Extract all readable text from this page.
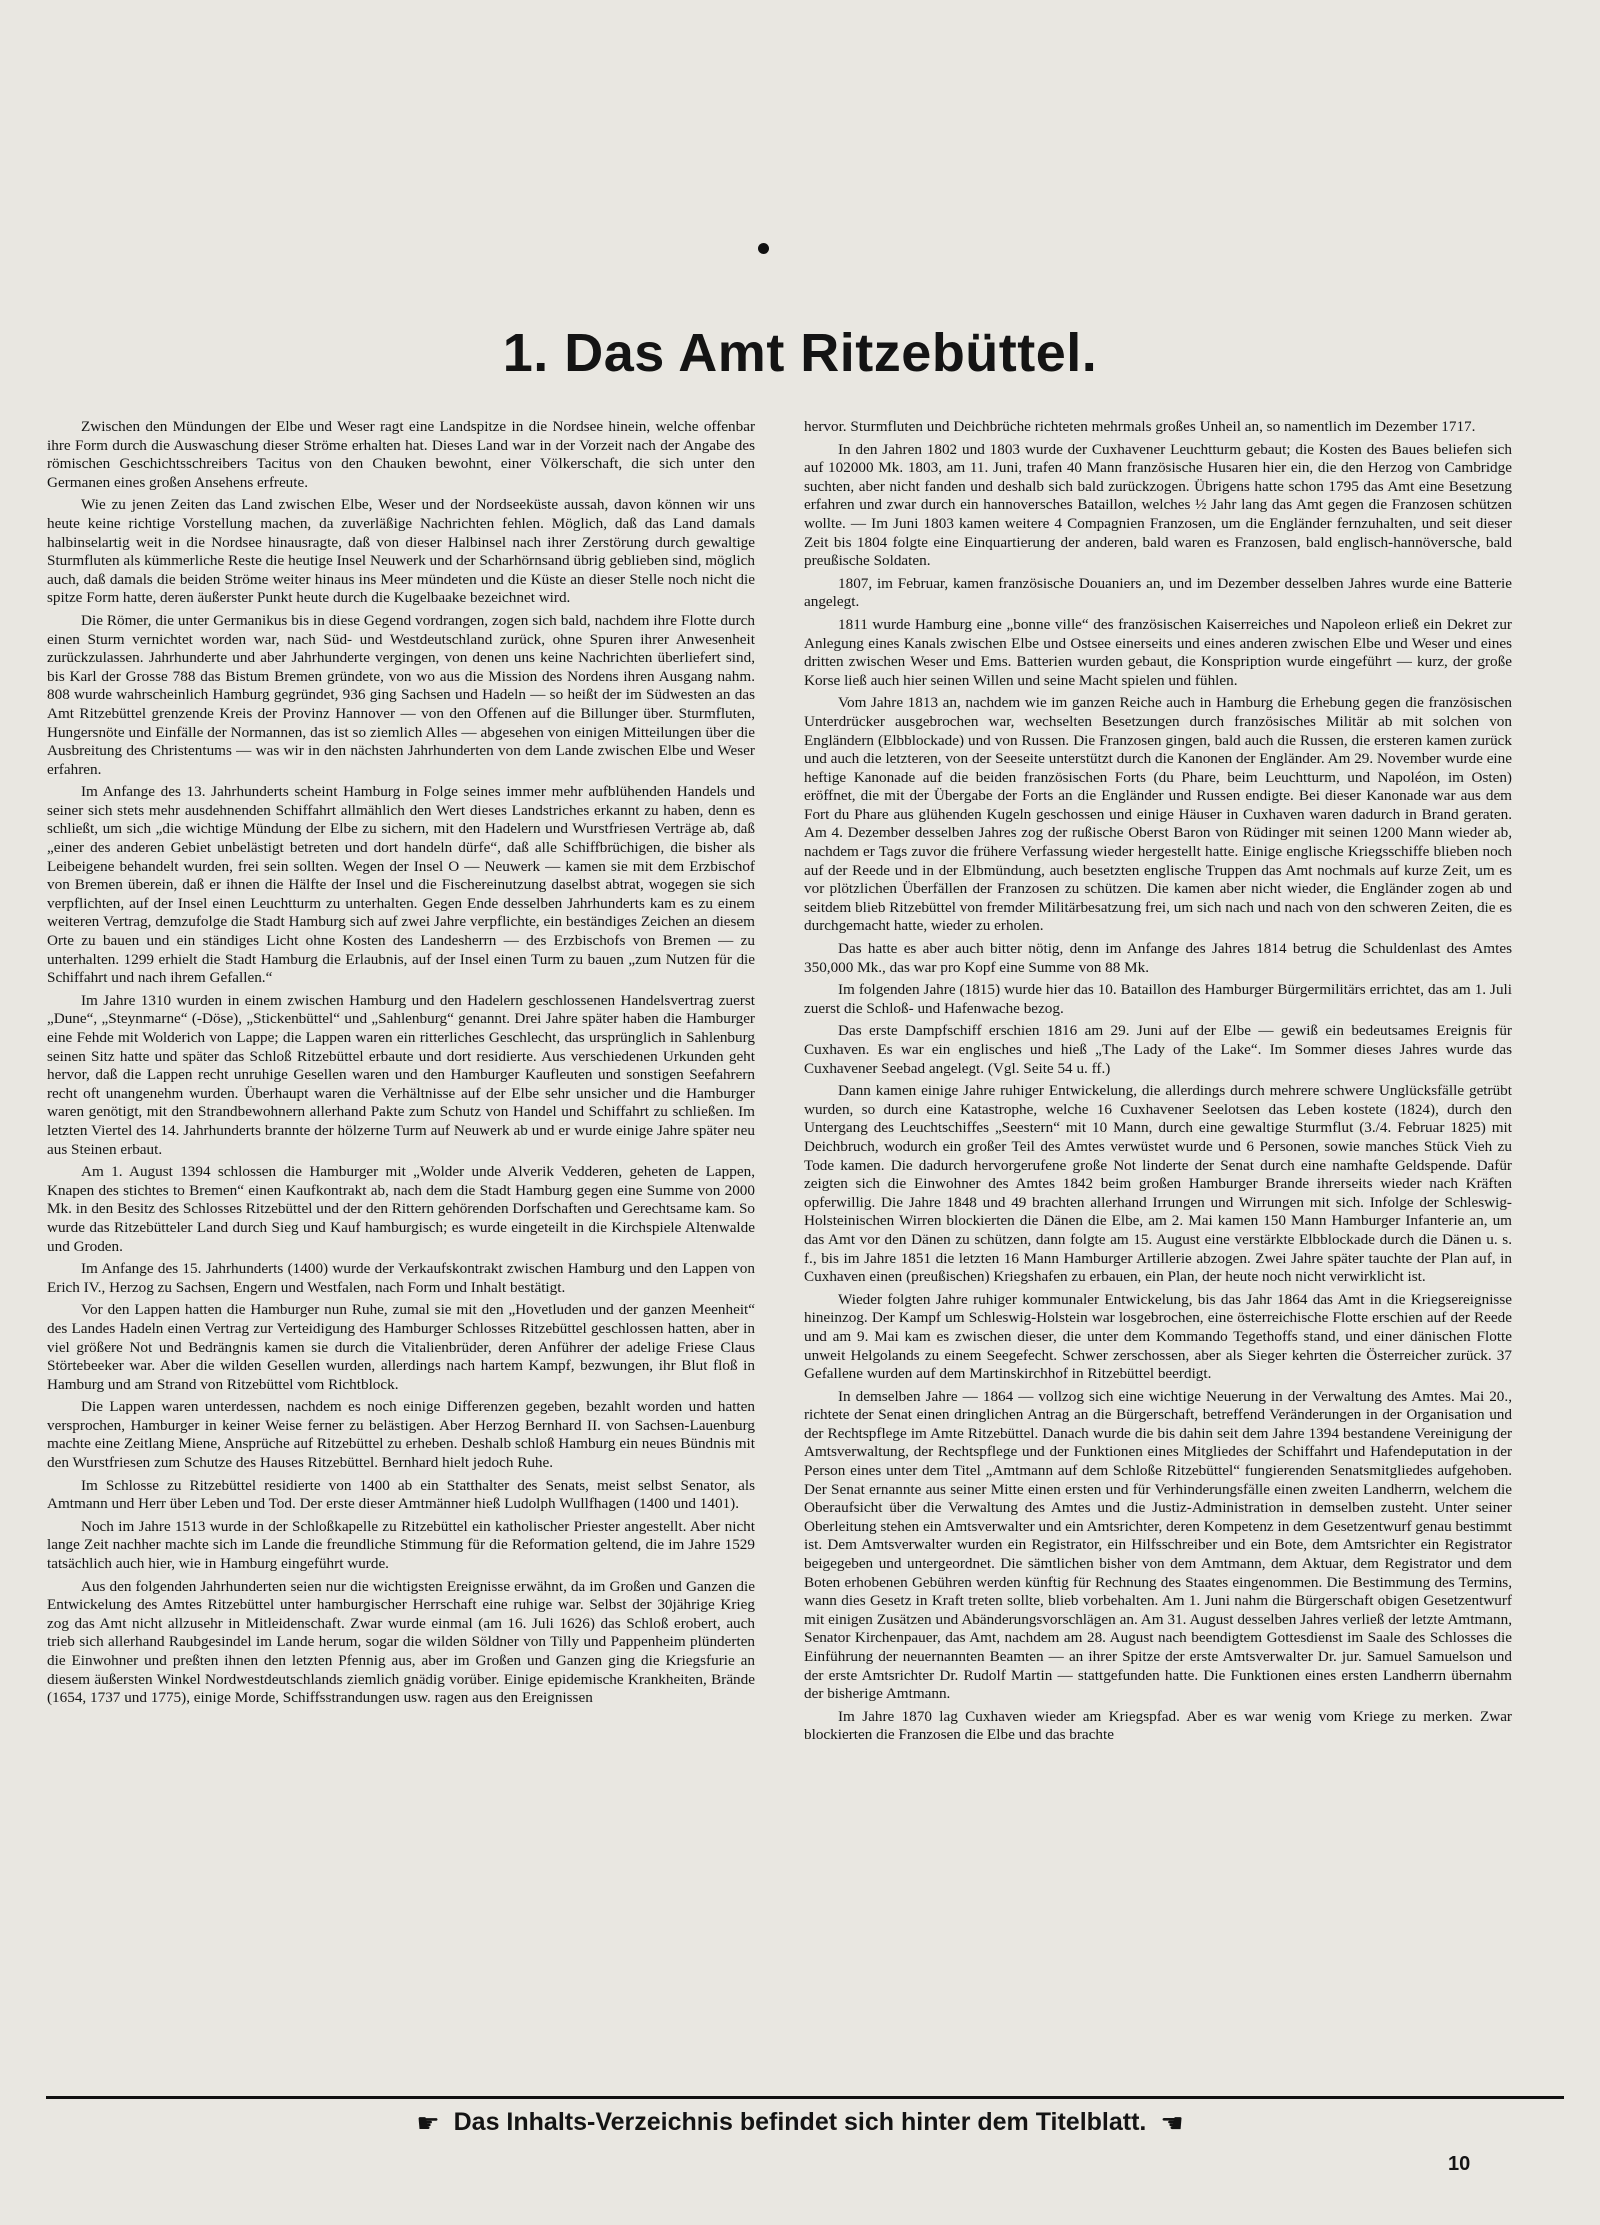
1. Das Amt Ritzebüttel.

Zwischen den Mündungen der Elbe und Weser ragt eine Landspitze in die Nordsee hinein, welche offenbar ihre Form durch die Auswaschung dieser Ströme erhalten hat. Dieses Land war in der Vorzeit nach der Angabe des römischen Geschichtsschreibers Tacitus von den Chauken bewohnt, einer Völkerschaft, die sich unter den Germanen eines großen Ansehens erfreute.

Wie zu jenen Zeiten das Land zwischen Elbe, Weser und der Nordseeküste aussah, davon können wir uns heute keine richtige Vorstellung machen, da zuverläßige Nachrichten fehlen. Möglich, daß das Land damals halbinselartig weit in die Nordsee hinausragte, daß von dieser Halbinsel nach ihrer Zerstörung durch gewaltige Sturmfluten als kümmerliche Reste die heutige Insel Neuwerk und der Scharhörnsand übrig geblieben sind, möglich auch, daß damals die beiden Ströme weiter hinaus ins Meer mündeten und die Küste an dieser Stelle noch nicht die spitze Form hatte, deren äußerster Punkt heute durch die Kugelbaake bezeichnet wird.

Die Römer, die unter Germanikus bis in diese Gegend vordrangen, zogen sich bald, nachdem ihre Flotte durch einen Sturm vernichtet worden war, nach Süd- und Westdeutschland zurück, ohne Spuren ihrer Anwesenheit zurückzulassen. Jahrhunderte und aber Jahrhunderte vergingen, von denen uns keine Nachrichten überliefert sind, bis Karl der Grosse 788 das Bistum Bremen gründete, von wo aus die Mission des Nordens ihren Ausgang nahm. 808 wurde wahrscheinlich Hamburg gegründet, 936 ging Sachsen und Hadeln — so heißt der im Südwesten an das Amt Ritzebüttel grenzende Kreis der Provinz Hannover — von den Offenen auf die Billunger über. Sturmfluten, Hungersnöte und Einfälle der Normannen, das ist so ziemlich Alles — abgesehen von einigen Mitteilungen über die Ausbreitung des Christentums — was wir in den nächsten Jahrhunderten von dem Lande zwischen Elbe und Weser erfahren.

Im Anfange des 13. Jahrhunderts scheint Hamburg in Folge seines immer mehr aufblühenden Handels und seiner sich stets mehr ausdehnenden Schiffahrt allmählich den Wert dieses Landstriches erkannt zu haben, denn es schließt, um sich „die wichtige Mündung der Elbe zu sichern, mit den Hadelern und Wurstfriesen Verträge ab, daß „einer des anderen Gebiet unbelästigt betreten und dort handeln dürfe“, daß alle Schiffbrüchigen, die bisher als Leibeigene behandelt wurden, frei sein sollten. Wegen der Insel O — Neuwerk — kamen sie mit dem Erzbischof von Bremen überein, daß er ihnen die Hälfte der Insel und die Fischereinutzung daselbst abtrat, wogegen sie sich verpflichten, auf der Insel einen Leuchtturm zu unterhalten. Gegen Ende desselben Jahrhunderts kam es zu einem weiteren Vertrag, demzufolge die Stadt Hamburg sich auf zwei Jahre verpflichte, ein beständiges Zeichen an diesem Orte zu bauen und ein ständiges Licht ohne Kosten des Landesherrn — des Erzbischofs von Bremen — zu unterhalten. 1299 erhielt die Stadt Hamburg die Erlaubnis, auf der Insel einen Turm zu bauen „zum Nutzen für die Schiffahrt und nach ihrem Gefallen.“

Im Jahre 1310 wurden in einem zwischen Hamburg und den Hadelern geschlossenen Handelsvertrag zuerst „Dune“, „Steynmarne“ (-Döse), „Stickenbüttel“ und „Sahlenburg“ genannt. Drei Jahre später haben die Hamburger eine Fehde mit Wolderich von Lappe; die Lappen waren ein ritterliches Geschlecht, das ursprünglich in Sahlenburg seinen Sitz hatte und später das Schloß Ritzebüttel erbaute und dort residierte. Aus verschiedenen Urkunden geht hervor, daß die Lappen recht unruhige Gesellen waren und den Hamburger Kaufleuten und sonstigen Seefahrern recht oft unangenehm wurden. Überhaupt waren die Verhältnisse auf der Elbe sehr unsicher und die Hamburger waren genötigt, mit den Strandbewohnern allerhand Pakte zum Schutz von Handel und Schiffahrt zu schließen. Im letzten Viertel des 14. Jahrhunderts brannte der hölzerne Turm auf Neuwerk ab und er wurde einige Jahre später neu aus Steinen erbaut.

Am 1. August 1394 schlossen die Hamburger mit „Wolder unde Alverik Vedderen, geheten de Lappen, Knapen des stichtes to Bremen“ einen Kaufkontrakt ab, nach dem die Stadt Hamburg gegen eine Summe von 2000 Mk. in den Besitz des Schlosses Ritzebüttel und der den Rittern gehörenden Dorfschaften und Gerechtsame kam. So wurde das Ritzebütteler Land durch Sieg und Kauf hamburgisch; es wurde eingeteilt in die Kirchspiele Altenwalde und Groden.

Im Anfange des 15. Jahrhunderts (1400) wurde der Verkaufskontrakt zwischen Hamburg und den Lappen von Erich IV., Herzog zu Sachsen, Engern und Westfalen, nach Form und Inhalt bestätigt.

Vor den Lappen hatten die Hamburger nun Ruhe, zumal sie mit den „Hovetluden und der ganzen Meenheit“ des Landes Hadeln einen Vertrag zur Verteidigung des Hamburger Schlosses Ritzebüttel geschlossen hatten, aber in viel größere Not und Bedrängnis kamen sie durch die Vitalienbrüder, deren Anführer der adelige Friese Claus Störtebeeker war. Aber die wilden Gesellen wurden, allerdings nach hartem Kampf, bezwungen, ihr Blut floß in Hamburg und am Strand von Ritzebüttel vom Richtblock.

Die Lappen waren unterdessen, nachdem es noch einige Differenzen gegeben, bezahlt worden und hatten versprochen, Hamburger in keiner Weise ferner zu belästigen. Aber Herzog Bernhard II. von Sachsen-Lauenburg machte eine Zeitlang Miene, Ansprüche auf Ritzebüttel zu erheben. Deshalb schloß Hamburg ein neues Bündnis mit den Wurstfriesen zum Schutze des Hauses Ritzebüttel. Bernhard hielt jedoch Ruhe.

Im Schlosse zu Ritzebüttel residierte von 1400 ab ein Statthalter des Senats, meist selbst Senator, als Amtmann und Herr über Leben und Tod. Der erste dieser Amtmänner hieß Ludolph Wullfhagen (1400 und 1401).

Noch im Jahre 1513 wurde in der Schloßkapelle zu Ritzebüttel ein katholischer Priester angestellt. Aber nicht lange Zeit nachher machte sich im Lande die freundliche Stimmung für die Reformation geltend, die im Jahre 1529 tatsächlich auch hier, wie in Hamburg eingeführt wurde.

Aus den folgenden Jahrhunderten seien nur die wichtigsten Ereignisse erwähnt, da im Großen und Ganzen die Entwickelung des Amtes Ritzebüttel unter hamburgischer Herrschaft eine ruhige war. Selbst der 30jährige Krieg zog das Amt nicht allzusehr in Mitleidenschaft. Zwar wurde einmal (am 16. Juli 1626) das Schloß erobert, auch trieb sich allerhand Raubgesindel im Lande herum, sogar die wilden Söldner von Tilly und Pappenheim plünderten die Einwohner und preßten ihnen den letzten Pfennig aus, aber im Großen und Ganzen ging die Kriegsfurie an diesem äußersten Winkel Nordwestdeutschlands ziemlich gnädig vorüber. Einige epidemische Krankheiten, Brände (1654, 1737 und 1775), einige Morde, Schiffsstrandungen usw. ragen aus den Ereignissen

hervor. Sturmfluten und Deichbrüche richteten mehrmals großes Unheil an, so namentlich im Dezember 1717.

In den Jahren 1802 und 1803 wurde der Cuxhavener Leuchtturm gebaut; die Kosten des Baues beliefen sich auf 102000 Mk. 1803, am 11. Juni, trafen 40 Mann französische Husaren hier ein, die den Herzog von Cambridge suchten, aber nicht fanden und deshalb sich bald zurückzogen. Übrigens hatte schon 1795 das Amt eine Besetzung erfahren und zwar durch ein hannoversches Bataillon, welches ½ Jahr lang das Amt gegen die Franzosen schützen wollte. — Im Juni 1803 kamen weitere 4 Compagnien Franzosen, um die Engländer fernzuhalten, und seit dieser Zeit bis 1804 folgte eine Einquartierung der anderen, bald waren es Franzosen, bald englisch-hannöversche, bald preußische Soldaten.

1807, im Februar, kamen französische Douaniers an, und im Dezember desselben Jahres wurde eine Batterie angelegt.

1811 wurde Hamburg eine „bonne ville“ des französischen Kaiserreiches und Napoleon erließ ein Dekret zur Anlegung eines Kanals zwischen Elbe und Ostsee einerseits und eines anderen zwischen Elbe und Weser und eines dritten zwischen Weser und Ems. Batterien wurden gebaut, die Konspription wurde eingeführt — kurz, der große Korse ließ auch hier seinen Willen und seine Macht spielen und fühlen.

Vom Jahre 1813 an, nachdem wie im ganzen Reiche auch in Hamburg die Erhebung gegen die französischen Unterdrücker ausgebrochen war, wechselten Besetzungen durch französisches Militär ab mit solchen von Engländern (Elbblockade) und von Russen. Die Franzosen gingen, bald auch die Russen, die ersteren kamen zurück und auch die letzteren, von der Seeseite unterstützt durch die Kanonen der Engländer. Am 29. November wurde eine heftige Kanonade auf die beiden französischen Forts (du Phare, beim Leuchtturm, und Napoléon, im Osten) eröffnet, die mit der Übergabe der Forts an die Engländer und Russen endigte. Bei dieser Kanonade war aus dem Fort du Phare aus glühenden Kugeln geschossen und einige Häuser in Cuxhaven waren dadurch in Brand geraten. Am 4. Dezember desselben Jahres zog der rußische Oberst Baron von Rüdinger mit seinen 1200 Mann wieder ab, nachdem er Tags zuvor die frühere Verfassung wieder hergestellt hatte. Einige englische Kriegsschiffe blieben noch auf der Reede und in der Elbmündung, auch besetzten englische Truppen das Amt nochmals auf kurze Zeit, um es vor plötzlichen Überfällen der Franzosen zu schützen. Die kamen aber nicht wieder, die Engländer zogen ab und seitdem blieb Ritzebüttel von fremder Militärbesatzung frei, um sich nach und nach von den schweren Zeiten, die es durchgemacht hatte, wieder zu erholen.

Das hatte es aber auch bitter nötig, denn im Anfange des Jahres 1814 betrug die Schuldenlast des Amtes 350,000 Mk., das war pro Kopf eine Summe von 88 Mk.

Im folgenden Jahre (1815) wurde hier das 10. Bataillon des Hamburger Bürgermilitärs errichtet, das am 1. Juli zuerst die Schloß- und Hafenwache bezog.

Das erste Dampfschiff erschien 1816 am 29. Juni auf der Elbe — gewiß ein bedeutsames Ereignis für Cuxhaven. Es war ein englisches und hieß „The Lady of the Lake“. Im Sommer dieses Jahres wurde das Cuxhavener Seebad angelegt. (Vgl. Seite 54 u. ff.)

Dann kamen einige Jahre ruhiger Entwickelung, die allerdings durch mehrere schwere Unglücksfälle getrübt wurden, so durch eine Katastrophe, welche 16 Cuxhavener Seelotsen das Leben kostete (1824), durch den Untergang des Leuchtschiffes „Seestern“ mit 10 Mann, durch eine gewaltige Sturmflut (3./4. Februar 1825) mit Deichbruch, wodurch ein großer Teil des Amtes verwüstet wurde und 6 Personen, sowie manches Stück Vieh zu Tode kamen. Die dadurch hervorgerufene große Not linderte der Senat durch eine namhafte Geldspende. Dafür zeigten sich die Einwohner des Amtes 1842 beim großen Hamburger Brande ihrerseits wieder nach Kräften opferwillig. Die Jahre 1848 und 49 brachten allerhand Irrungen und Wirrungen mit sich. Infolge der Schleswig-Holsteinischen Wirren blockierten die Dänen die Elbe, am 2. Mai kamen 150 Mann Hamburger Infanterie an, um das Amt vor den Dänen zu schützen, dann folgte am 15. August eine verstärkte Elbblockade durch die Dänen u. s. f., bis im Jahre 1851 die letzten 16 Mann Hamburger Artillerie abzogen. Zwei Jahre später tauchte der Plan auf, in Cuxhaven einen (preußischen) Kriegshafen zu erbauen, ein Plan, der heute noch nicht verwirklicht ist.

Wieder folgten Jahre ruhiger kommunaler Entwickelung, bis das Jahr 1864 das Amt in die Kriegsereignisse hineinzog. Der Kampf um Schleswig-Holstein war losgebrochen, eine österreichische Flotte erschien auf der Reede und am 9. Mai kam es zwischen dieser, die unter dem Kommando Tegethoffs stand, und einer dänischen Flotte unweit Helgolands zu einem Seegefecht. Schwer zerschossen, aber als Sieger kehrten die Österreicher zurück. 37 Gefallene wurden auf dem Martinskirchhof in Ritzebüttel beerdigt.

In demselben Jahre — 1864 — vollzog sich eine wichtige Neuerung in der Verwaltung des Amtes. Mai 20., richtete der Senat einen dringlichen Antrag an die Bürgerschaft, betreffend Veränderungen in der Organisation und der Rechtspflege im Amte Ritzebüttel. Danach wurde die bis dahin seit dem Jahre 1394 bestandene Vereinigung der Amtsverwaltung, der Rechtspflege und der Funktionen eines Mitgliedes der Schiffahrt und Hafendeputation in der Person eines unter dem Titel „Amtmann auf dem Schloße Ritzebüttel“ fungierenden Senatsmitgliedes aufgehoben. Der Senat ernannte aus seiner Mitte einen ersten und für Verhinderungsfälle einen zweiten Landherrn, welchem die Oberaufsicht über die Verwaltung des Amtes und die Justiz-Administration in demselben zusteht. Unter seiner Oberleitung stehen ein Amtsverwalter und ein Amtsrichter, deren Kompetenz in dem Gesetzentwurf genau bestimmt ist. Dem Amtsverwalter wurden ein Registrator, ein Hilfsschreiber und ein Bote, dem Amtsrichter ein Registrator beigegeben und untergeordnet. Die sämtlichen bisher von dem Amtmann, dem Aktuar, dem Registrator und dem Boten erhobenen Gebühren werden künftig für Rechnung des Staates eingenommen. Die Bestimmung des Termins, wann dies Gesetz in Kraft treten sollte, blieb vorbehalten. Am 1. Juni nahm die Bürgerschaft obigen Gesetzentwurf mit einigen Zusätzen und Abänderungsvorschlägen an. Am 31. August desselben Jahres verließ der letzte Amtmann, Senator Kirchenpauer, das Amt, nachdem am 28. August nach beendigtem Gottesdienst im Saale des Schlosses die Einführung der neuernannten Beamten — an ihrer Spitze der erste Amtsverwalter Dr. jur. Samuel Samuelson und der erste Amtsrichter Dr. Rudolf Martin — stattgefunden hatte. Die Funktionen eines ersten Landherrn übernahm der bisherige Amtmann.

Im Jahre 1870 lag Cuxhaven wieder am Kriegspfad. Aber es war wenig vom Kriege zu merken. Zwar blockierten die Franzosen die Elbe und das brachte

☛ Das Inhalts-Verzeichnis befindet sich hinter dem Titelblatt. ☚
10
